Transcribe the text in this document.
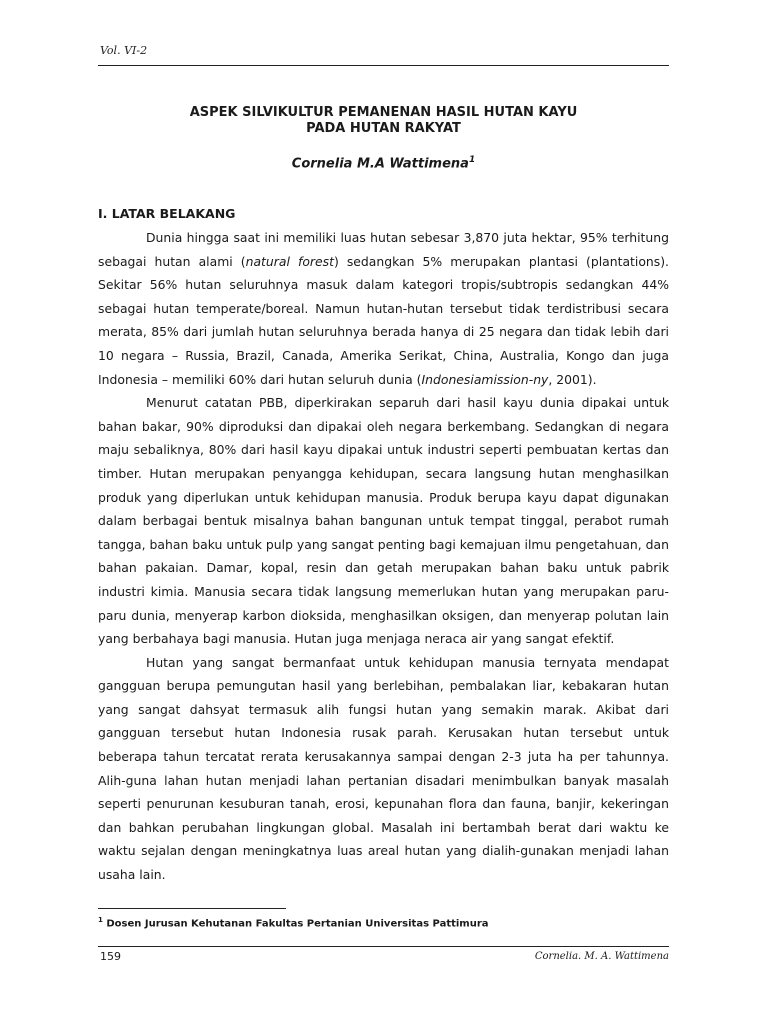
Vol. VI-2
ASPEK SILVIKULTUR PEMANENAN HASIL HUTAN KAYU
PADA HUTAN RAKYAT
Cornelia M.A Wattimena$^1$
I. LATAR BELAKANG

Dunia hingga saat ini memiliki luas hutan sebesar 3,870 juta hektar, 95% terhitung sebagai hutan alami (natural forest) sedangkan 5% merupakan plantasi (plantations). Sekitar 56% hutan seluruhnya masuk dalam kategori tropis/subtropis sedangkan 44% sebagai hutan temperate/boreal. Namun hutan-hutan tersebut tidak terdistribusi secara merata, 85% dari jumlah hutan seluruhnya berada hanya di 25 negara dan tidak lebih dari 10 negara – Russia, Brazil, Canada, Amerika Serikat, China, Australia, Kongo dan juga Indonesia – memiliki 60% dari hutan seluruh dunia (Indonesiamission-ny, 2001).

Menurut catatan PBB, diperkirakan separuh dari hasil kayu dunia dipakai untuk bahan bakar, 90% diproduksi dan dipakai oleh negara berkembang. Sedangkan di negara maju sebaliknya, 80% dari hasil kayu dipakai untuk industri seperti pembuatan kertas dan timber. Hutan merupakan penyangga kehidupan, secara langsung hutan menghasilkan produk yang diperlukan untuk kehidupan manusia. Produk berupa kayu dapat digunakan dalam berbagai bentuk misalnya bahan bangunan untuk tempat tinggal, perabot rumah tangga, bahan baku untuk pulp yang sangat penting bagi kemajuan ilmu pengetahuan, dan bahan pakaian. Damar, kopal, resin dan getah merupakan bahan baku untuk pabrik industri kimia. Manusia secara tidak langsung memerlukan hutan yang merupakan paru-paru dunia, menyerap karbon dioksida, menghasilkan oksigen, dan menyerap polutan lain yang berbahaya bagi manusia. Hutan juga menjaga neraca air yang sangat efektif.

Hutan yang sangat bermanfaat untuk kehidupan manusia ternyata mendapat gangguan berupa pemungutan hasil yang berlebihan, pembalakan liar, kebakaran hutan yang sangat dahsyat termasuk alih fungsi hutan yang semakin marak. Akibat dari gangguan tersebut hutan Indonesia rusak parah. Kerusakan hutan tersebut untuk beberapa tahun tercatat rerata kerusakannya sampai dengan 2-3 juta ha per tahunnya. Alih-guna lahan hutan menjadi lahan pertanian disadari menimbulkan banyak masalah seperti penurunan kesuburan tanah, erosi, kepunahan flora dan fauna, banjir, kekeringan dan bahkan perubahan lingkungan global. Masalah ini bertambah berat dari waktu ke waktu sejalan dengan meningkatnya luas areal hutan yang dialih-gunakan menjadi lahan usaha lain.

$^1$ Dosen Jurusan Kehutanan Fakultas Pertanian Universitas Pattimura
159	Cornelia. M. A. Wattimena
